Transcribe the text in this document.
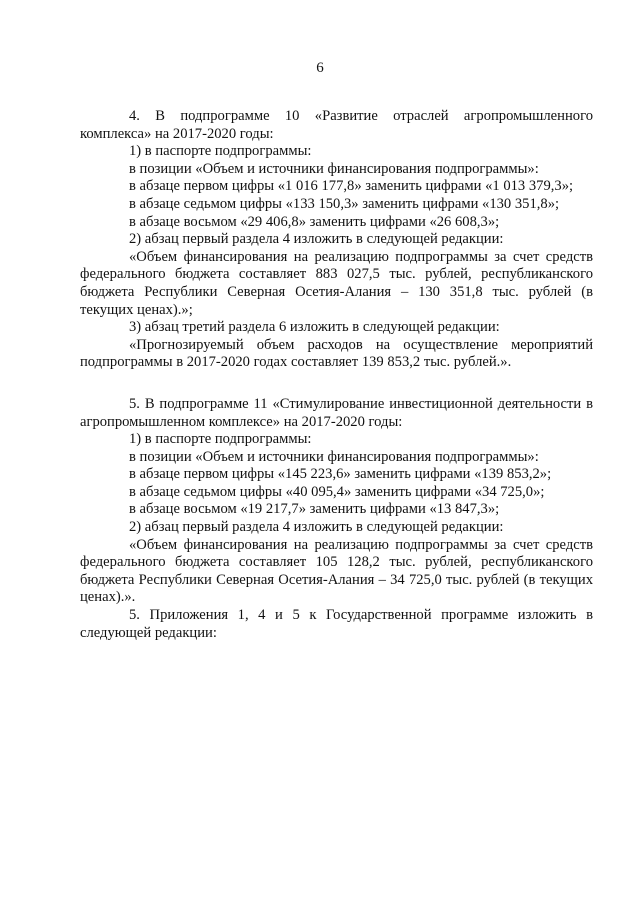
6

4. В подпрограмме 10 «Развитие отраслей агропромышленного комплекса» на 2017-2020 годы:

1) в паспорте подпрограммы:

в позиции «Объем и источники финансирования подпрограммы»:

в абзаце первом цифры «1 016 177,8» заменить цифрами «1 013 379,3»;

в абзаце седьмом цифры «133 150,3» заменить цифрами «130 351,8»;

в абзаце восьмом «29 406,8» заменить цифрами «26 608,3»;

2) абзац первый раздела 4 изложить в следующей редакции:

«Объем финансирования на реализацию подпрограммы за счет средств федерального бюджета составляет 883 027,5 тыс. рублей, республиканского бюджета Республики Северная Осетия-Алания – 130 351,8 тыс. рублей (в текущих ценах).»;

3) абзац третий раздела 6 изложить в следующей редакции:

«Прогнозируемый объем расходов на осуществление мероприятий подпрограммы в 2017-2020 годах составляет 139 853,2 тыс. рублей.».

5. В подпрограмме 11 «Стимулирование инвестиционной деятельности в агропромышленном комплексе» на 2017-2020 годы:

1) в паспорте подпрограммы:

в позиции «Объем и источники финансирования подпрограммы»:

в абзаце первом цифры «145 223,6» заменить цифрами «139 853,2»;

в абзаце седьмом цифры «40 095,4» заменить цифрами «34 725,0»;

в абзаце восьмом «19 217,7» заменить цифрами «13 847,3»;

2) абзац первый раздела 4 изложить в следующей редакции:

«Объем финансирования на реализацию подпрограммы за счет средств федерального бюджета составляет 105 128,2 тыс. рублей, республиканского бюджета Республики Северная Осетия-Алания – 34 725,0 тыс. рублей (в текущих ценах).».

5. Приложения 1, 4 и 5 к Государственной программе изложить в следующей редакции:
